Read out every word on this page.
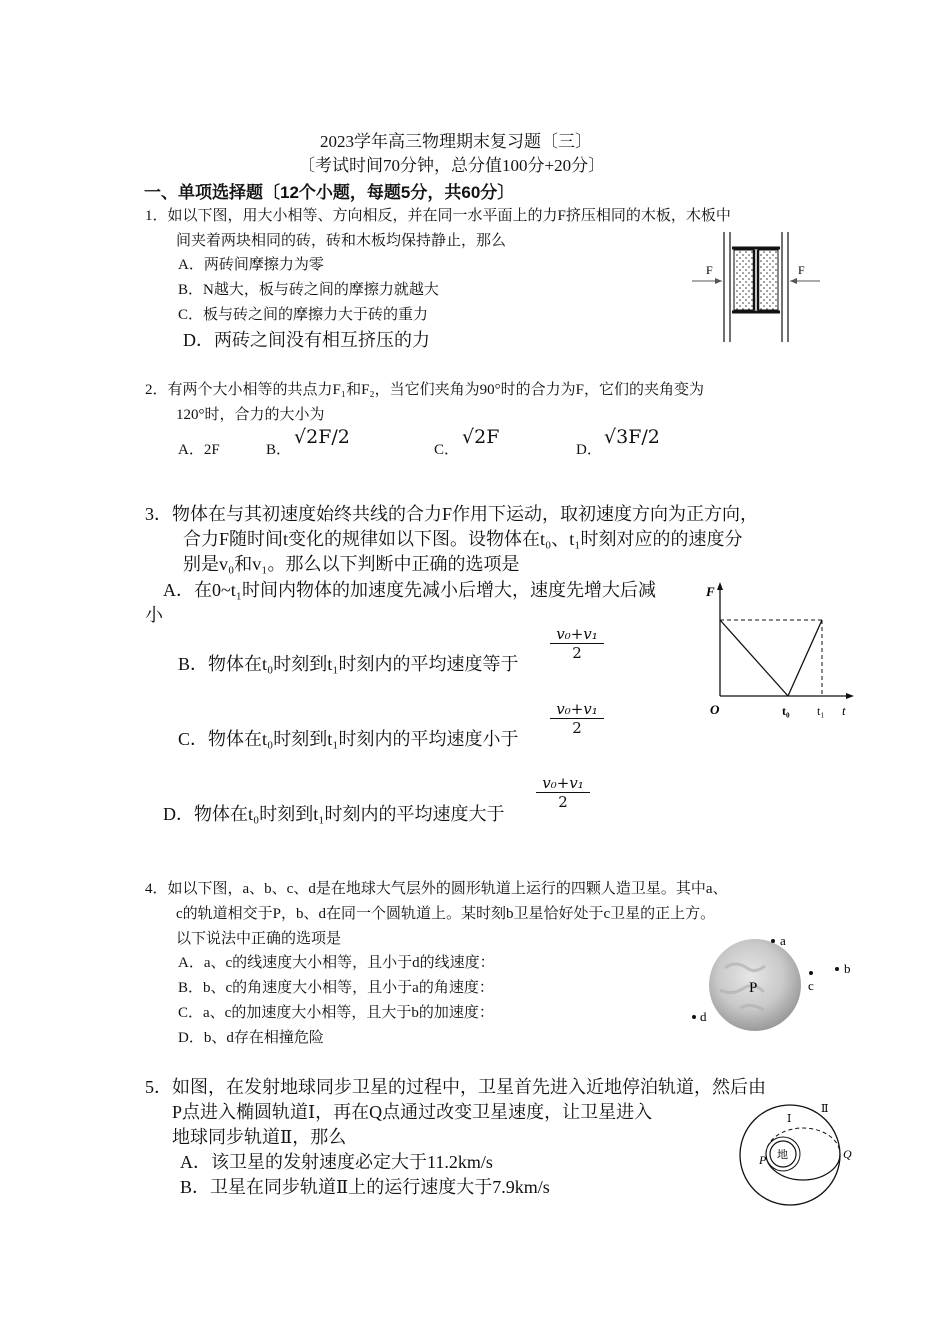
2023学年高三物理期末复习题〔三〕
〔考试时间70分钟，总分值100分+20分〕
一、单项选择题〔12个小题，每题5分，共60分〕
1．如以下图，用大小相等、方向相反，并在同一水平面上的力F挤压相同的木板，木板中
间夹着两块相同的砖，砖和木板均保持静止，那么
A．两砖间摩擦力为零
B．N越大，板与砖之间的摩擦力就越大
C．板与砖之间的摩擦力大于砖的重力
D．两砖之间没有相互挤压的力
F	F
2．有两个大小相等的共点力F₁和F₂，当它们夹角为90°时的合力为F，它们的夹角变为
120°时，合力的大小为
A．2F	B．
√2F/2
C．
√2F
D．
√3F/2
3．物体在与其初速度始终共线的合力F作用下运动，取初速度方向为正方向，
合力F随时间t变化的规律如以下图。设物体在t₀、t₁时刻对应的的速度分
别是v₀和v₁。那么以下判断中正确的选项是
A．在0~t₁时间内物体的加速度先减小后增大，速度先增大后减
小
B．物体在t₀时刻到t₁时刻内的平均速度等于
$\frac{\text{v₀+v₁}}{2}$
C．物体在t₀时刻到t₁时刻内的平均速度小于
$\frac{\text{v₀+v₁}}{2}$
D．物体在t₀时刻到t₁时刻内的平均速度大于
$\frac{\text{v₀+v₁}}{2}$
F
O	t₀ t₁ t
4．如以下图，a、b、c、d是在地球大气层外的圆形轨道上运行的四颗人造卫星。其中a、
c的轨道相交于P，b、d在同一个圆轨道上。某时刻b卫星恰好处于c卫星的正上方。
以下说法中正确的选项是
A．a、c的线速度大小相等，且小于d的线速度：
B．b、c的角速度大小相等，且小于a的角速度：
C．a、c的加速度大小相等，且大于b的加速度：
D．b、d存在相撞危险
P
a
b
c
d
5．如图，在发射地球同步卫星的过程中，卫星首先进入近地停泊轨道，然后由
P点进入椭圆轨道Ⅰ，再在Q点通过改变卫星速度，让卫星进入
地球同步轨道Ⅱ，那么
A．该卫星的发射速度必定大于11.2km/s
B．卫星在同步轨道Ⅱ上的运行速度大于7.9km/s
地
P	Q
Ⅰ
Ⅱ
